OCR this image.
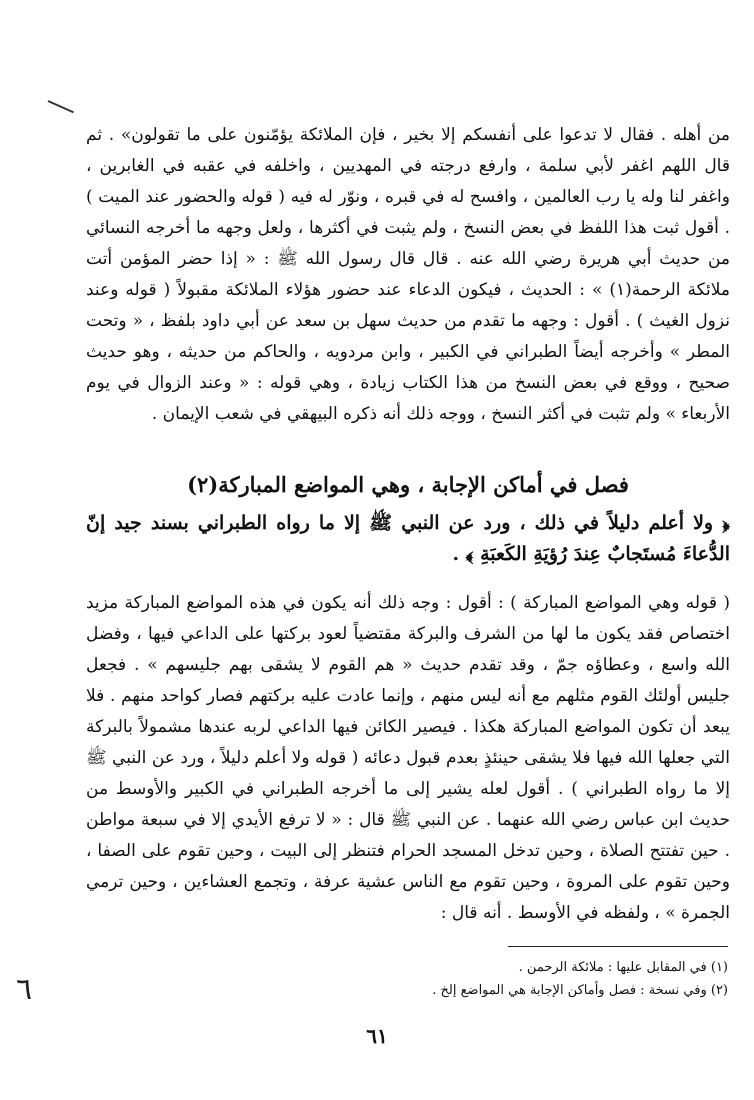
٦

من أهله . فقال لا تدعوا على أنفسكم إلا بخير ، فإن الملائكة يؤمّنون على ما تقولون» . ثم قال اللهم اغفر لأبي سلمة ، وارفع درجته في المهديين ، واخلفه في عقبه في الغابرين ، واغفر لنا وله يا رب العالمين ، وافسح له في قبره ، ونوّر له فيه ( قوله والحضور عند الميت ) . أقول ثبت هذا اللفظ في بعض النسخ ، ولم يثبت في أكثرها ، ولعل وجهه ما أخرجه النسائي من حديث أبي هريرة رضي الله عنه . قال قال رسول الله ﷺ : « إذا حضر المؤمن أتت ملائكة الرحمة(١) » : الحديث ، فيكون الدعاء عند حضور هؤلاء الملائكة مقبولاً ( قوله وعند نزول الغيث ) . أقول : وجهه ما تقدم من حديث سهل بن سعد عن أبي داود بلفظ ، « وتحت المطر » وأخرجه أيضاً الطبراني في الكبير ، وابن مردويه ، والحاكم من حديثه ، وهو حديث صحيح ، ووقع في بعض النسخ من هذا الكتاب زيادة ، وهي قوله : « وعند الزوال في يوم الأربعاء » ولم تثبت في أكثر النسخ ، ووجه ذلك أنه ذكره البيهقي في شعب الإيمان .

فصل في أماكن الإجابة ، وهي المواضع المباركة(٢)

﴿ ولا أعلم دليلاً في ذلك ، ورد عن النبي ﷺ إلا ما رواه الطبراني بسند جيد إنّ الدُّعاءَ مُستَجابٌ عِندَ رُؤيَةِ الكَعبَةِ ﴾ .

( قوله وهي المواضع المباركة ) : أقول : وجه ذلك أنه يكون في هذه المواضع المباركة مزيد اختصاص فقد يكون ما لها من الشرف والبركة مقتضياً لعود بركتها على الداعي فيها ، وفضل الله واسع ، وعطاؤه جمّ ، وقد تقدم حديث « هم القوم لا يشقى بهم جليسهم » . فجعل جليس أولئك القوم مثلهم مع أنه ليس منهم ، وإنما عادت عليه بركتهم فصار كواحد منهم . فلا يبعد أن تكون المواضع المباركة هكذا . فيصير الكائن فيها الداعي لربه عندها مشمولاً بالبركة التي جعلها الله فيها فلا يشقى حينئذٍ بعدم قبول دعائه ( قوله ولا أعلم دليلاً ، ورد عن النبي ﷺ إلا ما رواه الطبراني ) . أقول لعله يشير إلى ما أخرجه الطبراني في الكبير والأوسط من حديث ابن عباس رضي الله عنهما . عن النبي ﷺ قال : « لا ترفع الأيدي إلا في سبعة مواطن . حين تفتتح الصلاة ، وحين تدخل المسجد الحرام فتنظر إلى البيت ، وحين تقوم على الصفا ، وحين تقوم على المروة ، وحين تقوم مع الناس عشية عرفة ، وتجمع العشاءين ، وحين ترمي الجمرة » ، ولفظه في الأوسط . أنه قال :

(١) في المقابل عليها : ملائكة الرحمن .
(٢) وفي نسخة : فصل وأماكن الإجابة هي المواضع إلخ .
٦١
